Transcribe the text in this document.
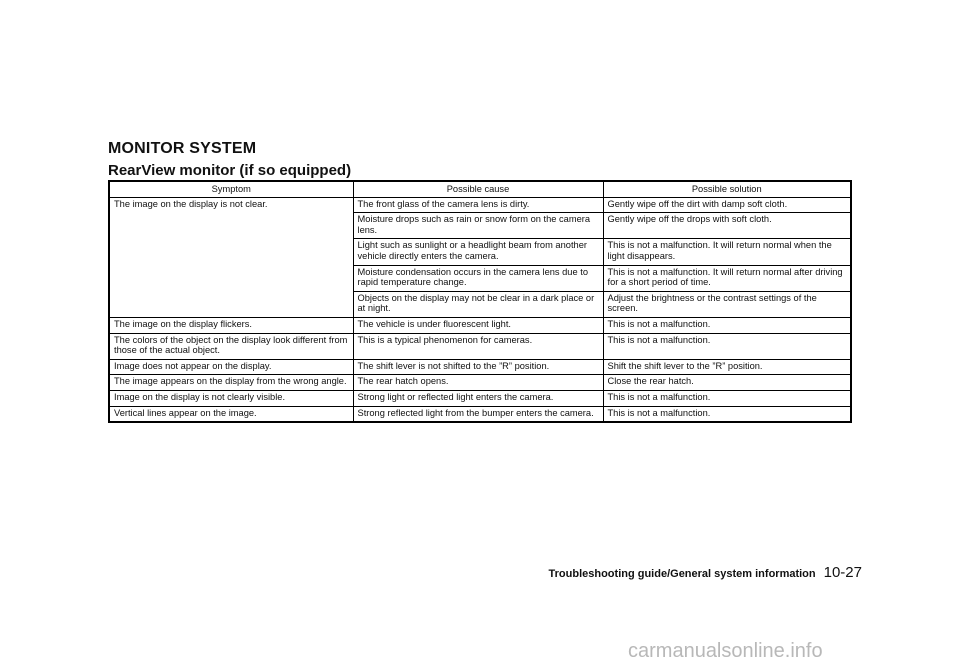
MONITOR SYSTEM
RearView monitor (if so equipped)
Symptom	Possible cause	Possible solution
The image on the display is not clear.	The front glass of the camera lens is dirty.	Gently wipe off the dirt with damp soft cloth.
	Moisture drops such as rain or snow form on the camera lens.	Gently wipe off the drops with soft cloth.
	Light such as sunlight or a headlight beam from another vehicle directly enters the camera.	This is not a malfunction. It will return normal when the light disappears.
	Moisture condensation occurs in the camera lens due to rapid temperature change.	This is not a malfunction. It will return normal after driving for a short period of time.
	Objects on the display may not be clear in a dark place or at night.	Adjust the brightness or the contrast settings of the screen.
The image on the display flickers.	The vehicle is under fluorescent light.	This is not a malfunction.
The colors of the object on the display look different from those of the actual object.	This is a typical phenomenon for cameras.	This is not a malfunction.
Image does not appear on the display.	The shift lever is not shifted to the ”R” position.	Shift the shift lever to the ”R” position.
The image appears on the display from the wrong angle.	The rear hatch opens.	Close the rear hatch.
Image on the display is not clearly visible.	Strong light or reflected light enters the camera.	This is not a malfunction.
Vertical lines appear on the image.	Strong reflected light from the bumper enters the camera.	This is not a malfunction.
Troubleshooting guide/General system information 10-27
carmanualsonline.info
